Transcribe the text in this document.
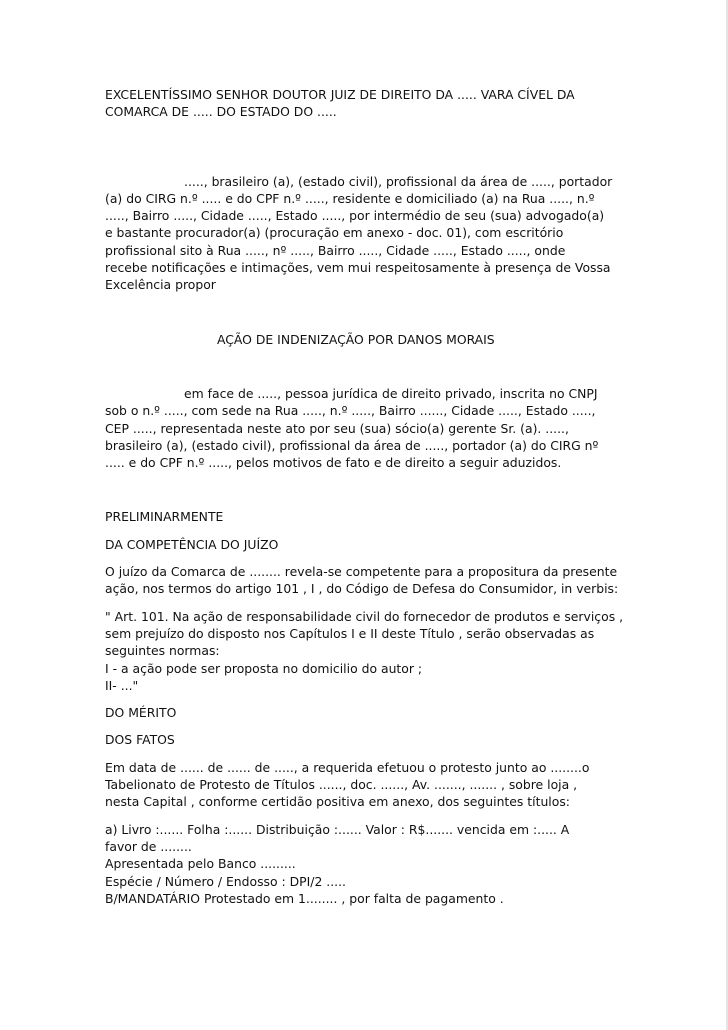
EXCELENTÍSSIMO SENHOR DOUTOR JUIZ DE DIREITO DA ..... VARA CÍVEL DA
COMARCA DE ..... DO ESTADO DO .....
....., brasileiro (a), (estado civil), profissional da área de ....., portador
(a) do CIRG n.º ..... e do CPF n.º ....., residente e domiciliado (a) na Rua ....., n.º
....., Bairro ....., Cidade ....., Estado ....., por intermédio de seu (sua) advogado(a)
e bastante procurador(a) (procuração em anexo - doc. 01), com escritório
profissional sito à Rua ....., nº ....., Bairro ....., Cidade ....., Estado ....., onde
recebe notificações e intimações, vem mui respeitosamente à presença de Vossa
Excelência propor
AÇÃO DE INDENIZAÇÃO POR DANOS MORAIS
em face de ....., pessoa jurídica de direito privado, inscrita no CNPJ
sob o n.º ....., com sede na Rua ....., n.º ....., Bairro ......, Cidade ....., Estado .....,
CEP ....., representada neste ato por seu (sua) sócio(a) gerente Sr. (a). .....,
brasileiro (a), (estado civil), profissional da área de ....., portador (a) do CIRG nº
..... e do CPF n.º ....., pelos motivos de fato e de direito a seguir aduzidos.
PRELIMINARMENTE
DA COMPETÊNCIA DO JUÍZO
O juízo da Comarca de ........ revela-se competente para a propositura da presente
ação, nos termos do artigo 101 , I , do Código de Defesa do Consumidor, in verbis:
" Art. 101. Na ação de responsabilidade civil do fornecedor de produtos e serviços ,
sem prejuízo do disposto nos Capítulos I e II deste Título , serão observadas as
seguintes normas:
I - a ação pode ser proposta no domicilio do autor ;
II- ..."
DO MÉRITO
DOS FATOS
Em data de ...... de ...... de ....., a requerida efetuou o protesto junto ao ........o
Tabelionato de Protesto de Títulos ......, doc. ......, Av. ......., ....... , sobre loja ,
nesta Capital , conforme certidão positiva em anexo, dos seguintes títulos:
a) Livro :...... Folha :...... Distribuição :...... Valor : R$....... vencida em :..... A
favor de ........
Apresentada pelo Banco .........
Espécie / Número / Endosso : DPI/2 .....
B/MANDATÁRIO Protestado em 1........ , por falta de pagamento .
